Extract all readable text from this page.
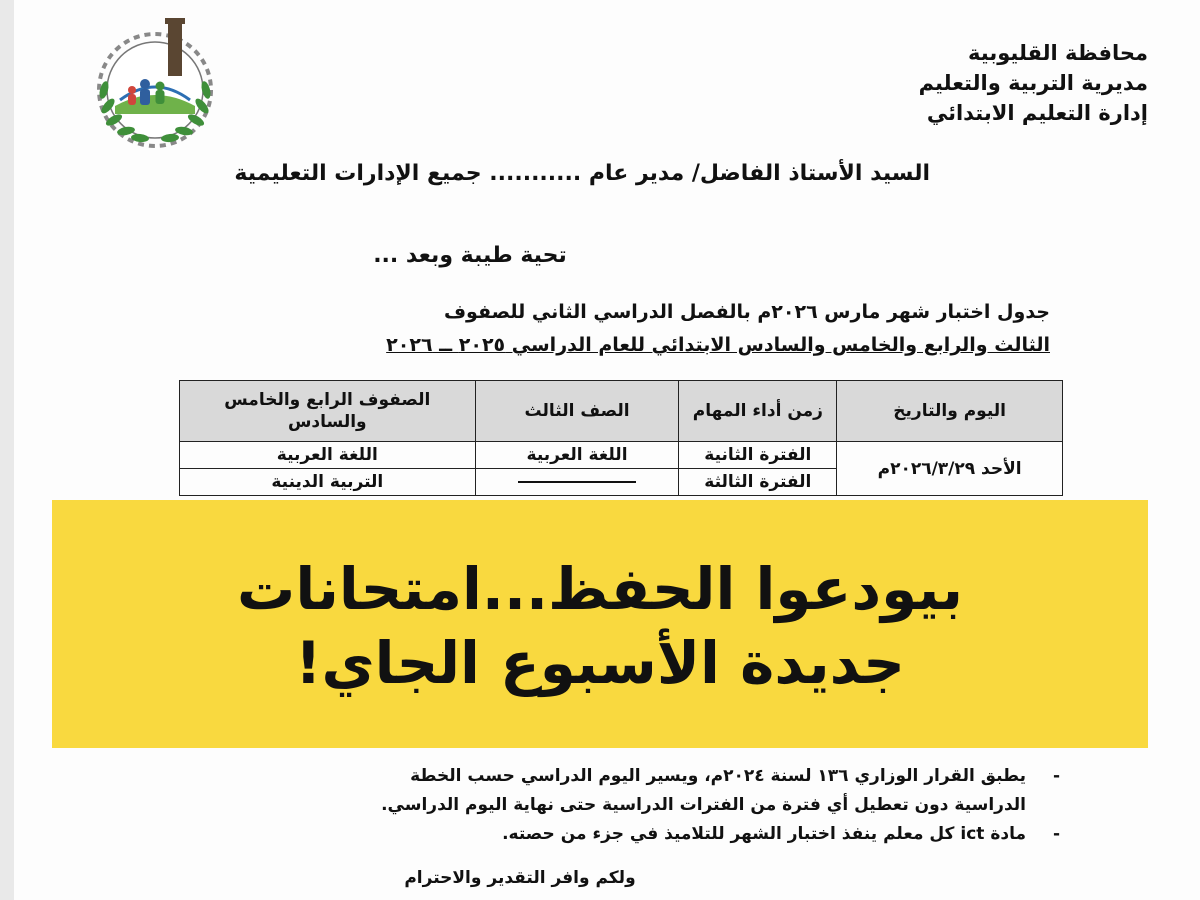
محافظة القليوبية
مديرية التربية والتعليم
إدارة التعليم الابتدائي
السيد الأستاذ الفاضل/ مدير عام ........... جميع الإدارات التعليمية
تحية طيبة وبعد ...
جدول اختبار شهر مارس ٢٠٢٦م بالفصل الدراسي الثاني للصفوف
الثالث والرابع والخامس والسادس الابتدائي للعام الدراسي ٢٠٢٥ ــ ٢٠٢٦
اليوم والتاريخ	زمن أداء المهام	الصف الثالث	الصفوف الرابع والخامس والسادس
الأحد ٢٠٢٦/٣/٢٩م	الفترة الثانية	اللغة العربية	اللغة العربية
	الفترة الثالثة		التربية الدينية
بيودعوا الحفظ...امتحانات
جديدة الأسبوع الجاي!
-
يطبق القرار الوزاري ١٣٦ لسنة ٢٠٢٤م، ويسير اليوم الدراسي حسب الخطة
الدراسية دون تعطيل أي فترة من الفترات الدراسية حتى نهاية اليوم الدراسي.
-
مادة ict كل معلم ينفذ اختبار الشهر للتلاميذ في جزء من حصته.
ولكم وافر التقدير والاحترام
